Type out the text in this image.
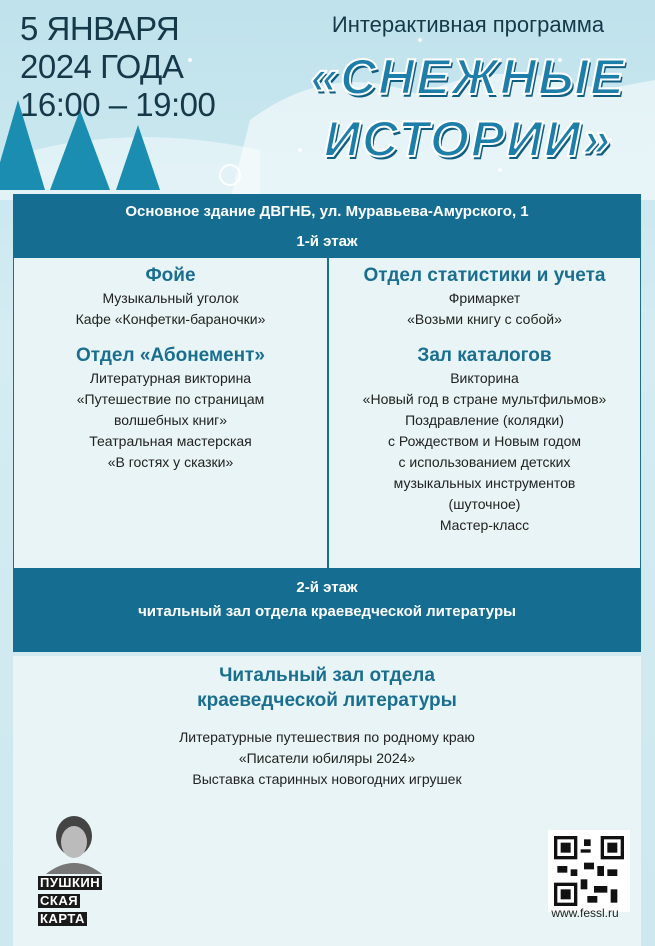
5 ЯНВАРЯ
2024 ГОДА
16:00 – 19:00
Интерактивная программа
«СНЕЖНЫЕ
ИСТОРИИ»
Основное здание ДВГНБ, ул. Муравьева-Амурского, 1
1-й этаж
Фойе
Музыкальный уголок
Кафе «Конфетки-бараночки»
Отдел «Абонемент»
Литературная викторина
«Путешествие по страницам
волшебных книг»
Театральная мастерская
«В гостях у сказки»
Отдел статистики и учета
Фримаркет
«Возьми книгу с собой»
Зал каталогов
Викторина
«Новый год в стране мультфильмов»
Поздравление (колядки)
с Рождеством и Новым годом
с использованием детских
музыкальных инструментов
(шуточное)
Мастер-класс
2-й этаж
читальный зал отдела краеведческой литературы
Читальный зал отдела
краеведческой литературы
Литературные путешествия по родному краю
«Писатели юбиляры 2024»
Выставка старинных новогодних игрушек
ПУШКИН
СКАЯ
КАРТА	www.fessl.ru
